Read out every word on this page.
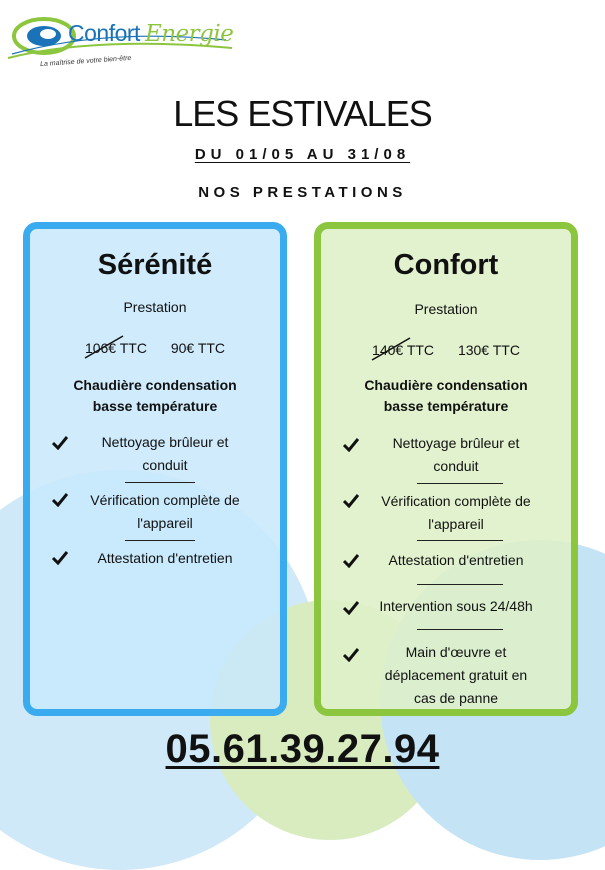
Confort Energie
La maîtrise de votre bien-être
LES ESTIVALES
DU 01/05 AU 31/08
NOS PRESTATIONS
Sérénité
Prestation
106€ TTC 90€ TTC
Chaudière condensation
basse température
Nettoyage brûleur et
conduit
Vérification complète de
l'appareil
Attestation d'entretien
Confort
Prestation
140€ TTC 130€ TTC
Chaudière condensation
basse température
Nettoyage brûleur et
conduit
Vérification complète de
l'appareil
Attestation d'entretien
Intervention sous 24/48h
Main d'œuvre et
déplacement gratuit en
cas de panne
05.61.39.27.94
